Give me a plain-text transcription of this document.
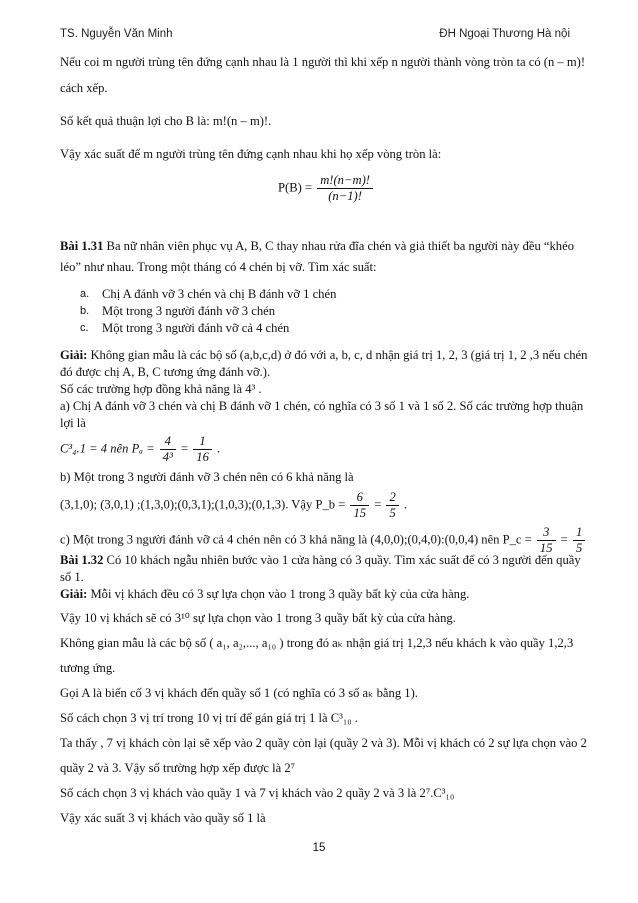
TS. Nguyễn Văn Minh	ĐH Ngoại Thương Hà nội

Nếu coi m người trùng tên đứng cạnh nhau là 1 người thì khi xếp n người thành vòng tròn ta có (n – m)!

cách xếp.

Số kết quả thuận lợi cho B là: m!(n – m)!.

Vậy xác suất để m người trùng tên đứng cạnh nhau khi họ xếp vòng tròn là:

$P(B) = \frac{m!(n-m)!}{(n-1)!}$

Bài 1.31 Ba nữ nhân viên phục vụ A, B, C thay nhau rửa đĩa chén và giả thiết ba người này đều “khéo

léo” như nhau. Trong một tháng có 4 chén bị vỡ. Tìm xác suất:

a. Chị A đánh vỡ 3 chén và chị B đánh vỡ 1 chén
b. Một trong 3 người đánh vỡ 3 chén
c. Một trong 3 người đánh vỡ cả 4 chén

Giải: Không gian mẫu là các bộ số (a,b,c,d) ở đó với a, b, c, d nhận giá trị 1, 2, 3 (giá trị 1, 2 ,3 nếu chén

đó được chị A, B, C tương ứng đánh vỡ.).

Số các trường hợp đồng khả năng là 4³ .

a) Chị A đánh vỡ 3 chén và chị B đánh vỡ 1 chén, có nghĩa có 3 số 1 và 1 số 2. Số các trường hợp thuận

lợi là

C³₄.1 = 4 nên $P_a = \frac{4}{\text{4³}} = \frac{1}{16}$ .

b) Một trong 3 người đánh vỡ 3 chén nên có 6 khả năng là

(3,1,0); (3,0,1) ;(1,3,0);(0,3,1);(1,0,3);(0,1,3). Vậy P_b = $\frac{6}{15} = \frac{2}{5}$ .
c) Một trong 3 người đánh vỡ cả 4 chén nên có 3 khả năng là (4,0,0);(0,4,0):(0,0,4) nên P_c = $\frac{3}{15} = \frac{1}{5}$

Bài 1.32 Có 10 khách ngẫu nhiên bước vào 1 cửa hàng có 3 quầy. Tìm xác suất để có 3 người đến quầy

số 1.

Giải: Mỗi vị khách đều có 3 sự lựa chọn vào 1 trong 3 quầy bất kỳ của cửa hàng.

Vậy 10 vị khách sẽ có 3¹⁰ sự lựa chọn vào 1 trong 3 quầy bất kỳ của cửa hàng.

Không gian mẫu là các bộ số ( a₁, a₂,..., a₁₀ ) trong đó aₖ nhận giá trị 1,2,3 nếu khách k vào quầy 1,2,3

tương ứng.

Gọi A là biến cố 3 vị khách đến quầy số 1 (có nghĩa có 3 số aₖ bằng 1).

Số cách chọn 3 vị trí trong 10 vị trí để gán giá trị 1 là C³₁₀ .

Ta thấy , 7 vị khách còn lại sẽ xếp vào 2 quầy còn lại (quầy 2 và 3). Mỗi vị khách có 2 sự lựa chọn vào 2

quầy 2 và 3. Vậy số trường hợp xếp được là 2⁷

Số cách chọn 3 vị khách vào quầy 1 và 7 vị khách vào 2 quầy 2 và 3 là 2⁷.C³₁₀

Vậy xác suất 3 vị khách vào quầy số 1 là

15
